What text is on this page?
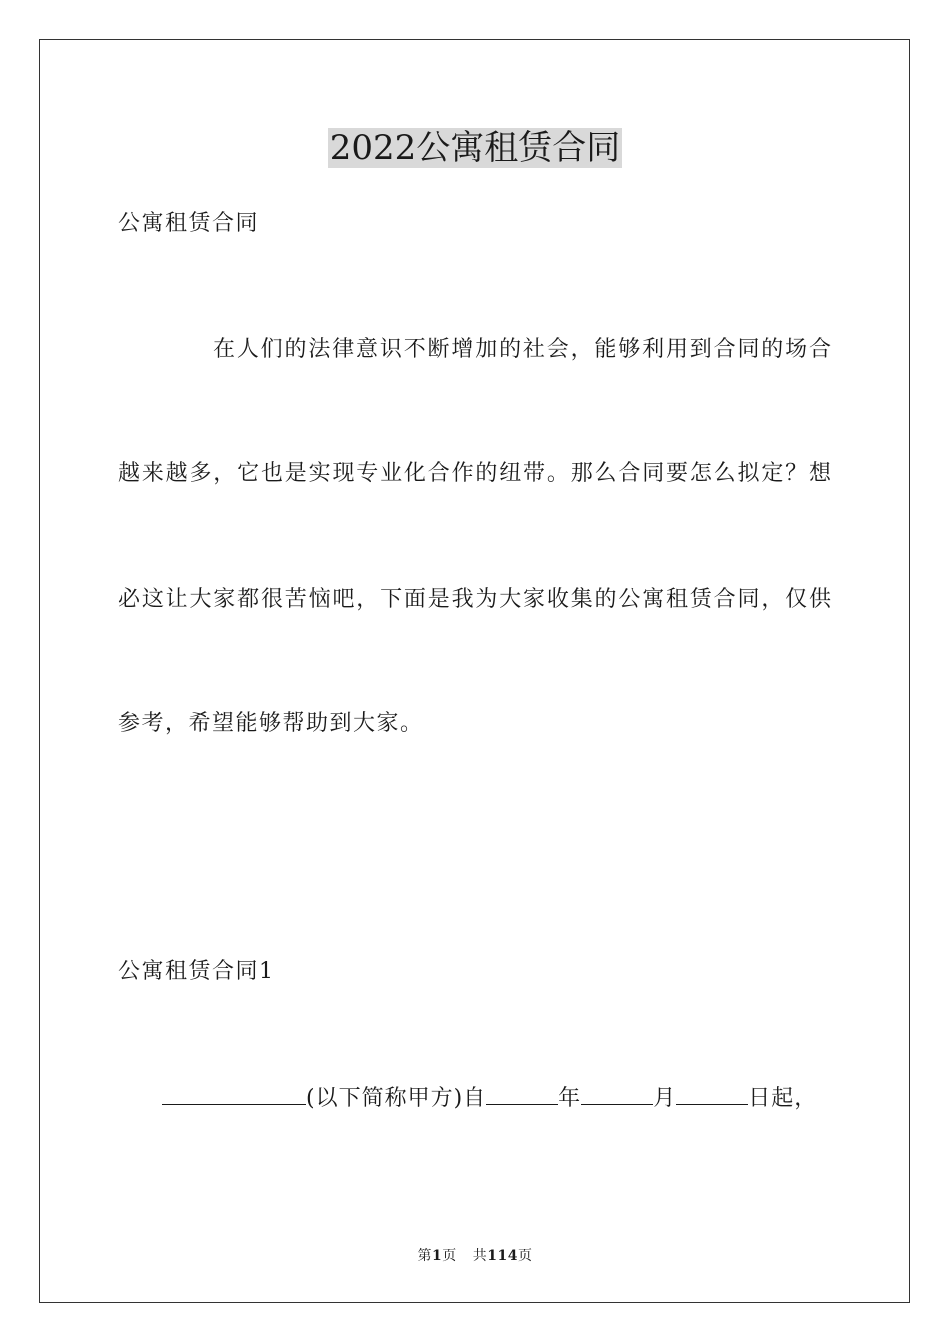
2022公寓租赁合同
公寓租赁合同
在人们的法律意识不断增加的社会，能够利用到合同的场合
越来越多，它也是实现专业化合作的纽带。那么合同要怎么拟定？想
必这让大家都很苦恼吧，下面是我为大家收集的公寓租赁合同，仅供
参考，希望能够帮助到大家。
公寓租赁合同1
(以下简称甲方)自	年	月	日起，
第1页 共114页
